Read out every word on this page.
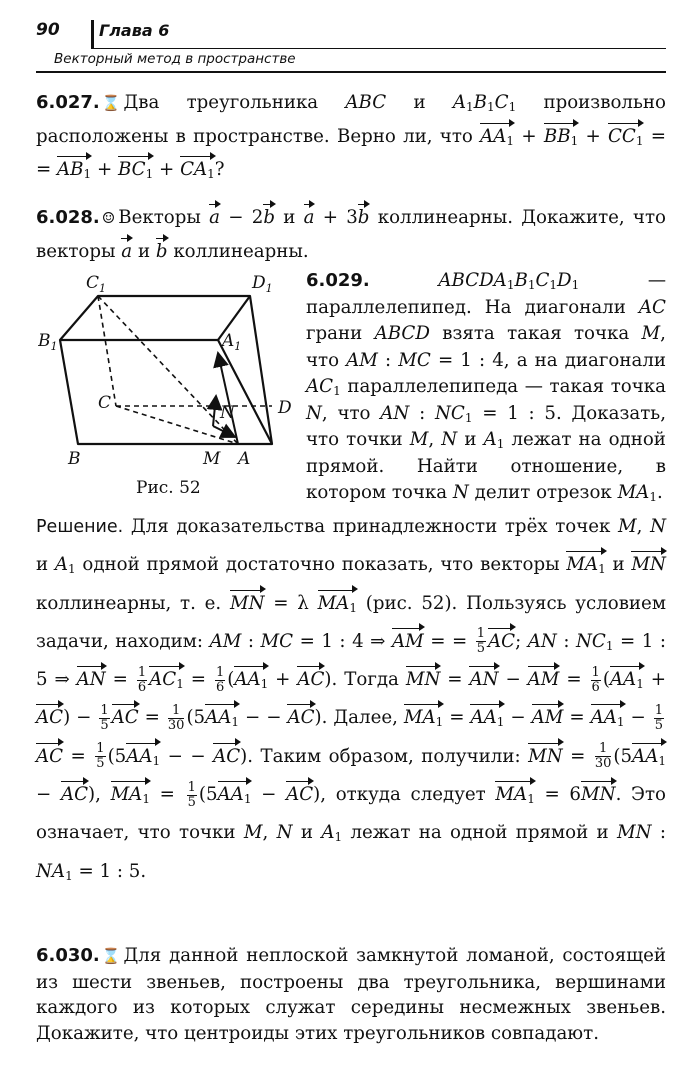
90 Глава 6
Векторный метод в пространстве
6.027. ⌛ Два треугольника ABC и $A_1B_1C_1$ произвольно расположены в пространстве. Верно ли, что $AA_1 + BB_1 + CC_1$ = = $AB_1 + BC_1 + CA_1$?
6.028. ☺ Векторы a − 2b и a + 3b коллинеарны. Докажите, что векторы a и b коллинеарны.
$C_1$	$D_1$
$B_1$	$A_1$
C	D
N
B	M A
Рис. 52
6.029.	$ABCDA_1B_1C_1D_1$	— параллелепипед. На диагонали AC грани ABCD взята такая точка M, что AM : MC = 1 : 4, а на диагонали $AC_1$ параллелепипеда — такая точка N, что AN : $NC_1 = 1$ : 5. Доказать, что точки M, N и $A_1$ лежат на одной прямой. Найти отношение, в котором точка N делит отрезок $MA_1$.
Решение. Для доказательства принадлежности трёх точек M, N и $A_1$ одной прямой достаточно показать, что векторы $MA_1$ и MN коллинеарны, т. е. MN = λ $MA_1$ (рис. 52). Пользуясь условием задачи, находим: AM : MC = 1 : 4 ⇒ AM = = $\frac{1}{5}$ AC; AN : $NC_1 = 1$ : 5 ⇒ AN = $\frac{1}{6} AC_1 = \frac{1}{6} (AA_1 + AC)$. Тогда MN = AN − AM = $\frac{1}{6} (AA_1 + AC) - \frac{1}{5}$ AC = $\frac{1}{30} (5AA_1$ − − AC). Далее, $MA_1 = AA_1$ − AM = $AA_1 - \frac{1}{5}$
AC = $\frac{1}{5} (5AA_1$ − − AC). Таким образом, получили: MN = $\frac{1}{30} (5AA_1 - AC)$, $MA_1 = \frac{1}{5} (5AA_1 - AC)$, откуда следует $MA_1 = 6MN$. Это означает, что точки M, N и $A_1$ лежат на одной прямой и MN : $NA_1 = 1$ : 5.
6.030. ⌛ Для данной неплоской замкнутой ломаной, состоящей из шести звеньев, построены два треугольника, вершинами каждого из которых служат середины несмежных звеньев. Докажите, что центроиды этих треугольников совпадают.
